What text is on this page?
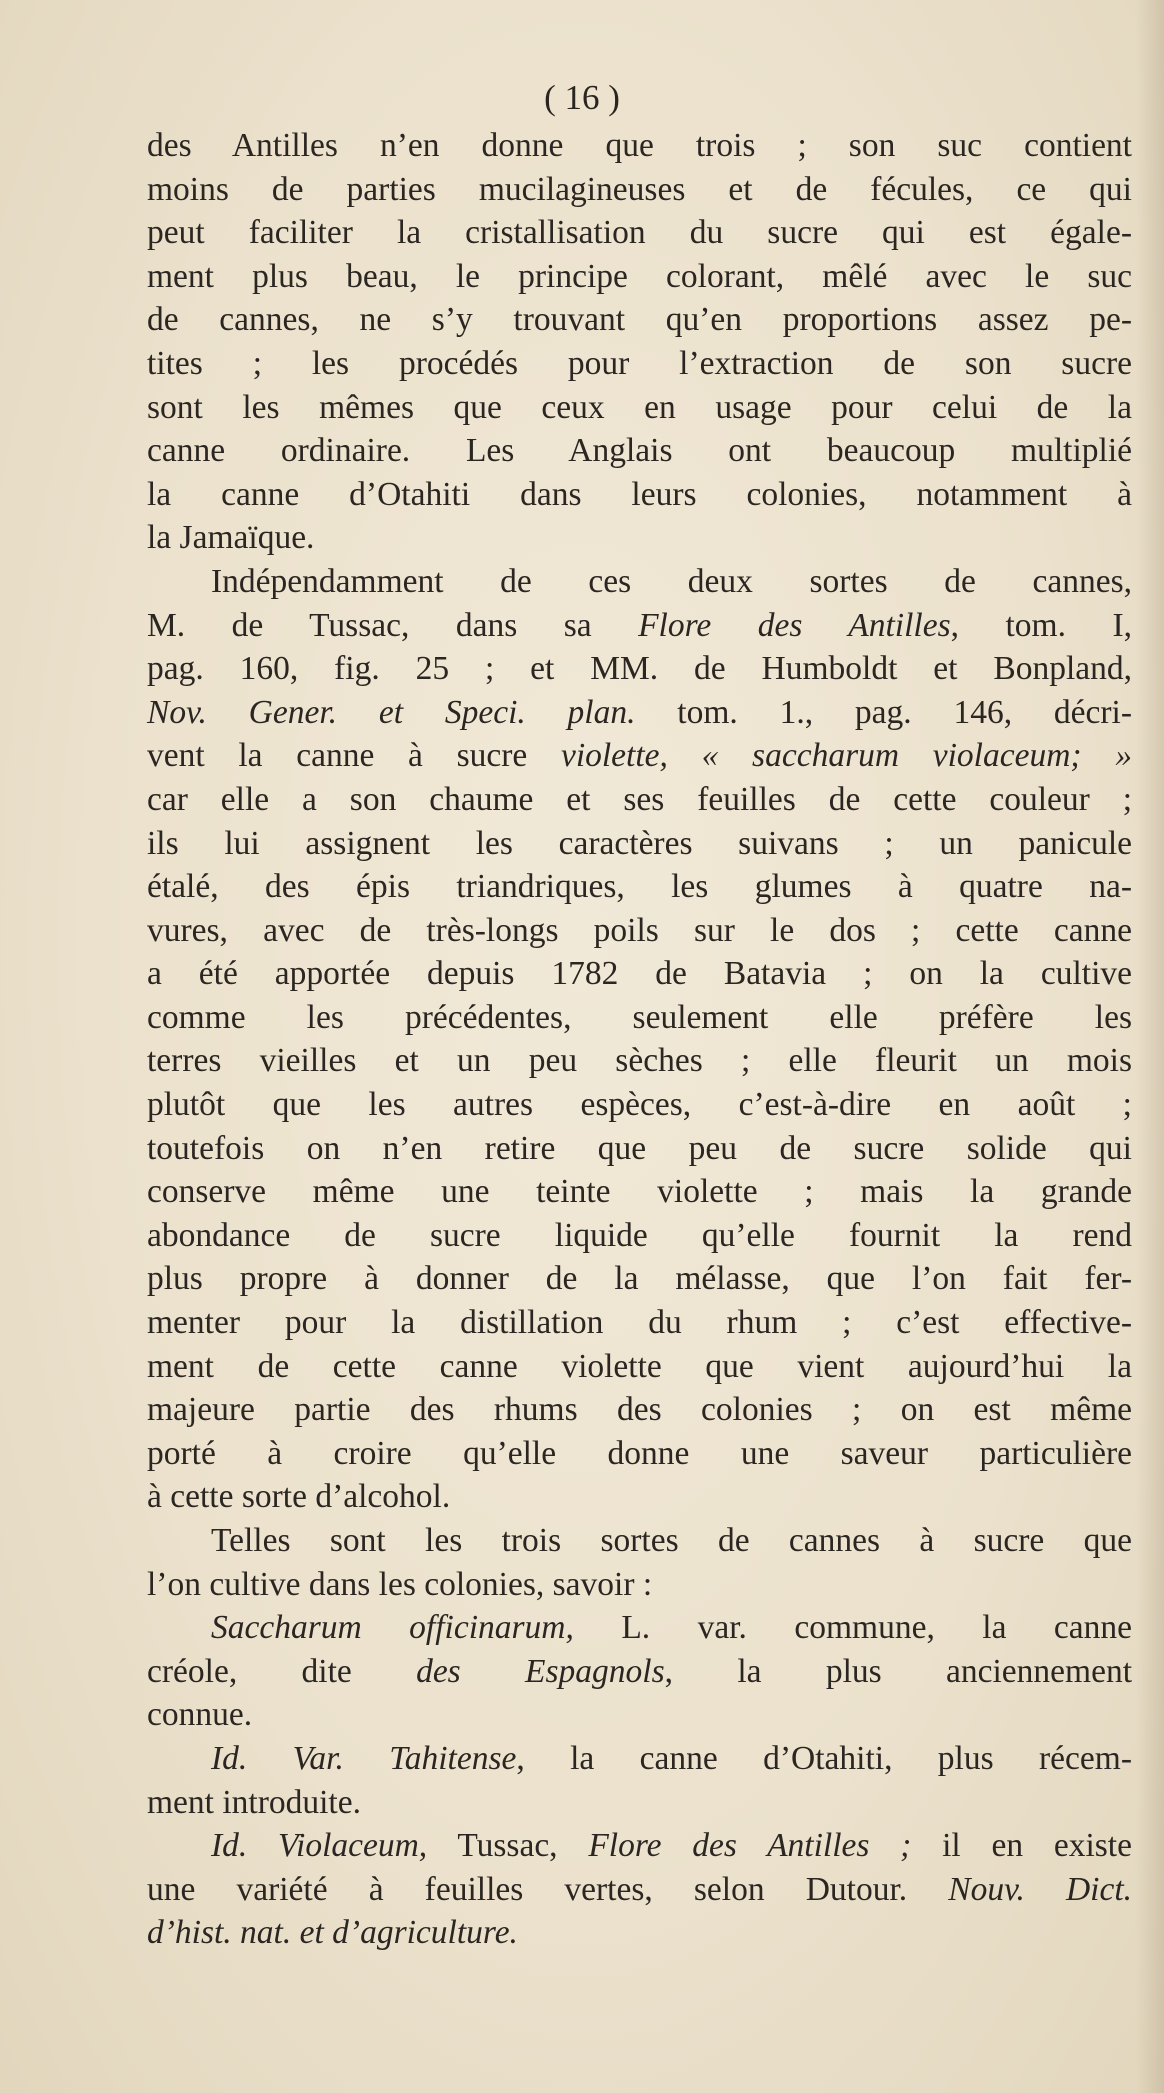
( 16 )
des Antilles n’en donne que trois ; son suc contient
moins de parties mucilagineuses et de fécules, ce qui
peut faciliter la cristallisation du sucre qui est égale-
ment plus beau, le principe colorant, mêlé avec le suc
de cannes, ne s’y trouvant qu’en proportions assez pe-
tites ; les procédés pour l’extraction de son sucre
sont les mêmes que ceux en usage pour celui de la
canne ordinaire. Les Anglais ont beaucoup multiplié
la canne d’Otahiti dans leurs colonies, notamment à
la Jamaïque.
Indépendamment de ces deux sortes de cannes,
M. de Tussac, dans sa Flore des Antilles, tom. I,
pag. 160, fig. 25 ; et MM. de Humboldt et Bonpland,
Nov. Gener. et Speci. plan. tom. 1., pag. 146, décri-
vent la canne à sucre violette, « saccharum violaceum; »
car elle a son chaume et ses feuilles de cette couleur ;
ils lui assignent les caractères suivans ; un panicule
étalé, des épis triandriques, les glumes à quatre na-
vures, avec de très-longs poils sur le dos ; cette canne
a été apportée depuis 1782 de Batavia ; on la cultive
comme les précédentes, seulement elle préfère les
terres vieilles et un peu sèches ; elle fleurit un mois
plutôt que les autres espèces, c’est-à-dire en août ;
toutefois on n’en retire que peu de sucre solide qui
conserve même une teinte violette ; mais la grande
abondance de sucre liquide qu’elle fournit la rend
plus propre à donner de la mélasse, que l’on fait fer-
menter pour la distillation du rhum ; c’est effective-
ment de cette canne violette que vient aujourd’hui la
majeure partie des rhums des colonies ; on est même
porté à croire qu’elle donne une saveur particulière
à cette sorte d’alcohol.
Telles sont les trois sortes de cannes à sucre que
l’on cultive dans les colonies, savoir :
Saccharum officinarum, L. var. commune, la canne
créole, dite des Espagnols, la plus anciennement
connue.
Id. Var. Tahitense, la canne d’Otahiti, plus récem-
ment introduite.
Id. Violaceum, Tussac, Flore des Antilles ; il en existe
une variété à feuilles vertes, selon Dutour. Nouv. Dict.
d’hist. nat. et d’agriculture.
